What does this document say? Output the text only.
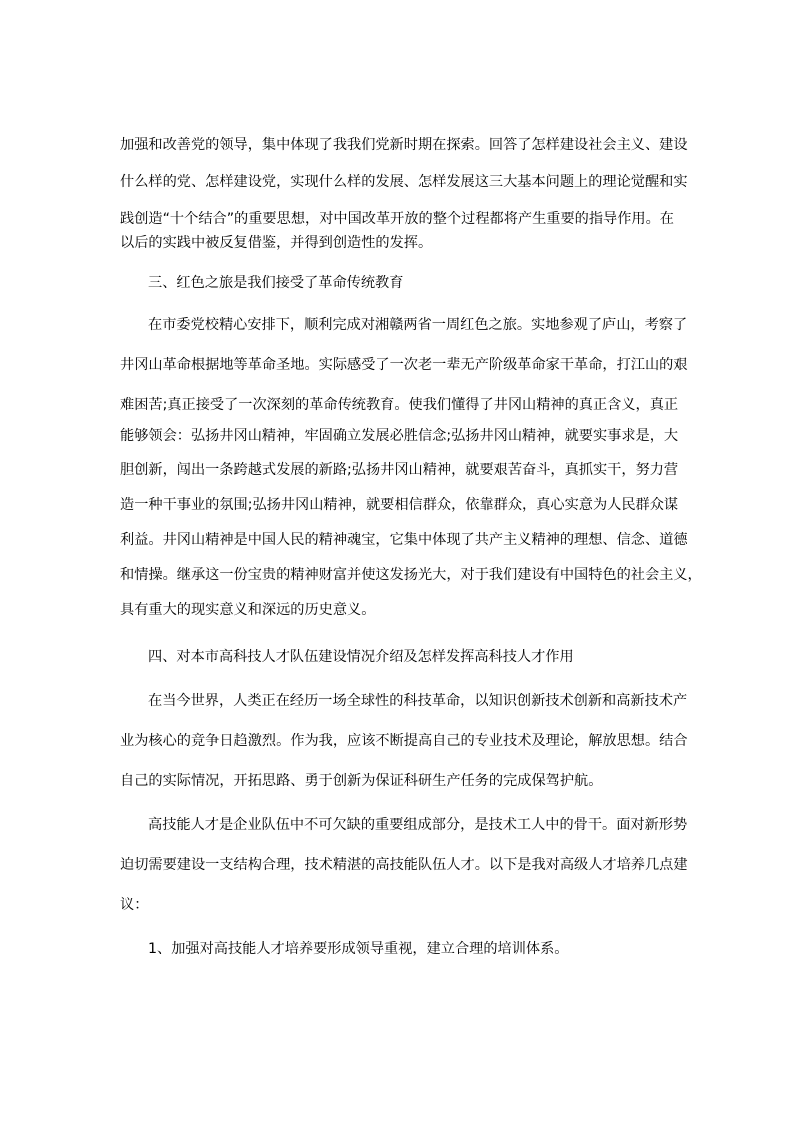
加强和改善党的领导，集中体现了我我们党新时期在探索。回答了怎样建设社会主义、建设
什么样的党、怎样建设党，实现什么样的发展、怎样发展这三大基本问题上的理论觉醒和实
践创造“十个结合”的重要思想，对中国改革开放的整个过程都将产生重要的指导作用。在
以后的实践中被反复借鉴，并得到创造性的发挥。
三、红色之旅是我们接受了革命传统教育
在市委党校精心安排下，顺利完成对湘赣两省一周红色之旅。实地参观了庐山，考察了
井冈山革命根据地等革命圣地。实际感受了一次老一辈无产阶级革命家干革命，打江山的艰
难困苦;真正接受了一次深刻的革命传统教育。使我们懂得了井冈山精神的真正含义，真正
能够领会：弘扬井冈山精神，牢固确立发展必胜信念;弘扬井冈山精神，就要实事求是，大
胆创新，闯出一条跨越式发展的新路;弘扬井冈山精神，就要艰苦奋斗，真抓实干，努力营
造一种干事业的氛围;弘扬井冈山精神，就要相信群众，依靠群众，真心实意为人民群众谋
利益。井冈山精神是中国人民的精神魂宝，它集中体现了共产主义精神的理想、信念、道德
和情操。继承这一份宝贵的精神财富并使这发扬光大，对于我们建设有中国特色的社会主义，
具有重大的现实意义和深远的历史意义。
四、对本市高科技人才队伍建设情况介绍及怎样发挥高科技人才作用
在当今世界，人类正在经历一场全球性的科技革命，以知识创新技术创新和高新技术产
业为核心的竞争日趋激烈。作为我，应该不断提高自己的专业技术及理论，解放思想。结合
自己的实际情况，开拓思路、勇于创新为保证科研生产任务的完成保驾护航。
高技能人才是企业队伍中不可欠缺的重要组成部分，是技术工人中的骨干。面对新形势
迫切需要建设一支结构合理，技术精湛的高技能队伍人才。以下是我对高级人才培养几点建
议：
1、加强对高技能人才培养要形成领导重视，建立合理的培训体系。
